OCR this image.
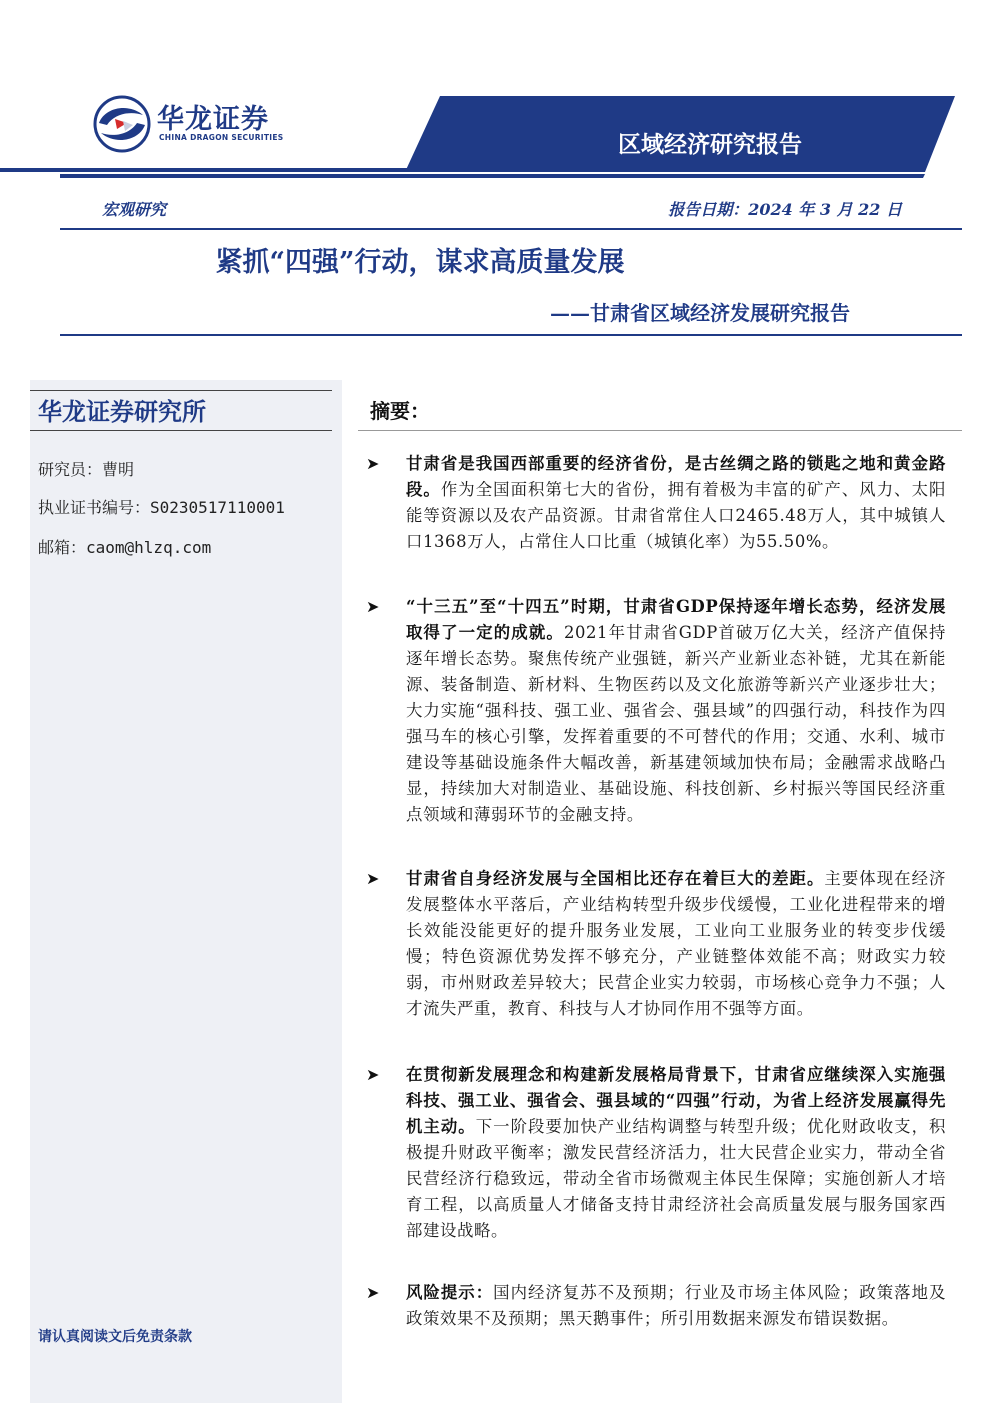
华龙证券
CHINA DRAGON SECURITIES	区域经济研究报告
宏观研究	报告日期：2024 年 3 月 22 日
紧抓“四强”行动，谋求高质量发展
——甘肃省区域经济发展研究报告
华龙证券研究所
研究员：曹明
执业证书编号：S0230517110001
邮箱：caom@hlzq.com
请认真阅读文后免责条款
摘要：
➤ 甘肃省是我国西部重要的经济省份，是古丝绸之路的锁匙之地和黄金路段。作为全国面积第七大的省份，拥有着极为丰富的矿产、风力、太阳能等资源以及农产品资源。甘肃省常住人口2465.48万人，其中城镇人口1368万人，占常住人口比重（城镇化率）为55.50%。
➤ “十三五”至“十四五”时期，甘肃省GDP保持逐年增长态势，经济发展取得了一定的成就。2021年甘肃省GDP首破万亿大关，经济产值保持逐年增长态势。聚焦传统产业强链，新兴产业新业态补链，尤其在新能源、装备制造、新材料、生物医药以及文化旅游等新兴产业逐步壮大；大力实施“强科技、强工业、强省会、强县域”的四强行动，科技作为四强马车的核心引擎，发挥着重要的不可替代的作用；交通、水利、城市建设等基础设施条件大幅改善，新基建领域加快布局；金融需求战略凸显，持续加大对制造业、基础设施、科技创新、乡村振兴等国民经济重点领域和薄弱环节的金融支持。
➤ 甘肃省自身经济发展与全国相比还存在着巨大的差距。主要体现在经济发展整体水平落后，产业结构转型升级步伐缓慢，工业化进程带来的增长效能没能更好的提升服务业发展，工业向工业服务业的转变步伐缓慢；特色资源优势发挥不够充分，产业链整体效能不高；财政实力较弱，市州财政差异较大；民营企业实力较弱，市场核心竞争力不强；人才流失严重，教育、科技与人才协同作用不强等方面。
➤ 在贯彻新发展理念和构建新发展格局背景下，甘肃省应继续深入实施强科技、强工业、强省会、强县域的“四强”行动，为省上经济发展赢得先机主动。下一阶段要加快产业结构调整与转型升级；优化财政收支，积极提升财政平衡率；激发民营经济活力，壮大民营企业实力，带动全省民营经济行稳致远，带动全省市场微观主体民生保障；实施创新人才培育工程，以高质量人才储备支持甘肃经济社会高质量发展与服务国家西部建设战略。
➤ 风险提示：国内经济复苏不及预期；行业及市场主体风险；政策落地及政策效果不及预期；黑天鹅事件；所引用数据来源发布错误数据。
